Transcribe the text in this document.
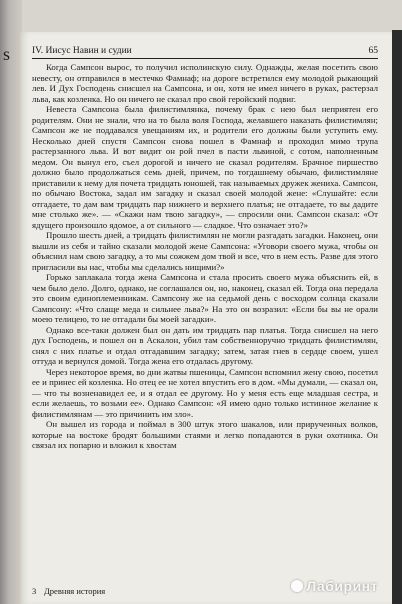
s IV. Иисус Навин и судии	65

Когда Сампсон вырос, то получил исполинскую силу. Однажды, желая посетить свою невесту, он отправился в местечко Фамнаф; на дороге встретился ему молодой рыкающий лев. И Дух Господень снисшел на Сампсона, и он, хотя не имел ничего в руках, растерзал льва, как козленка. Но он ничего не сказал про свой геройский подвиг.

Невеста Сампсона была филистимлянка, почему брак с нею был неприятен его родителям. Они не знали, что на то была воля Господа, желавшего наказать филистимлян; Сампсон же не поддавался увещаниям их, и родители его должны были уступить ему. Несколько дней спустя Сампсон снова пошел в Фамнаф и проходил мимо трупа растерзанного льва. И вот видит он рой пчел в пасти львиной, с сотом, наполненным медом. Он вынул его, съел дорогой и ничего не сказал родителям. Брачное пиршество должно было продолжаться семь дней, причем, по тогдашнему обычаю, филистимляне приставили к нему для почета тридцать юношей, так называемых дружек жениха. Сампсон, по обычаю Востока, задал им загадку и сказал своей молодой жене: «Слушайте: если отгадаете, то дам вам тридцать пар нижнего и верхнего платья; не отгадаете, то вы дадите мне столько же». — «Скажи нам твою загадку», — спросили они. Сампсон сказал: «От ядущего произошло ядомое, а от сильного — сладкое. Что означает это?»

Прошло шесть дней, а тридцать филистимлян не могли разгадать загадки. Наконец, они вышли из себя и тайно сказали молодой жене Сампсона: «Уговори своего мужа, чтобы он объяснил нам свою загадку, а то мы сожжем дом твой и все, что в нем есть. Разве для этого пригласили вы нас, чтобы мы сделались нищими?»

Горько заплакала тогда жена Сампсона и стала просить своего мужа объяснить ей, в чем было дело. Долго, однако, не соглашался он, но, наконец, сказал ей. Тогда она передала это своим единоплеменникам. Сампсону же на седьмой день с восходом солнца сказали Сампсону: «Что слаще меда и сильнее льва?» На это он возразил: «Если бы вы не орали моею телицею, то не отгадали бы моей загадки».

Однако все-таки должен был он дать им тридцать пар платья. Тогда снисшел на него дух Господень, и пошел он в Аскалон, убил там собственноручно тридцать филистимлян, снял с них платье и отдал отгадавшим загадку; затем, затая гнев в сердце своем, ушел оттуда и вернулся домой. Тогда жена его отдалась другому.

Через некоторое время, во дни жатвы пшеницы, Сампсон вспомнил жену свою, посетил ее и принес ей козленка. Но отец ее не хотел впустить его в дом. «Мы думали, — сказал он, — что ты возненавидел ее, и я отдал ее другому. Но у меня есть еще младшая сестра, и если желаешь, то возьми ее». Однако Сампсон: «Я имею одно только истинное желание к филистимлянам — это причинить им зло».

Он вышел из города и поймал в 300 штук этого шакалов, или прирученных волков, которые на востоке бродят большими стаями и легко попадаются в руки охотника. Он связал их попарно и вложил к хвостам

3 Древняя история	Лабиринт
